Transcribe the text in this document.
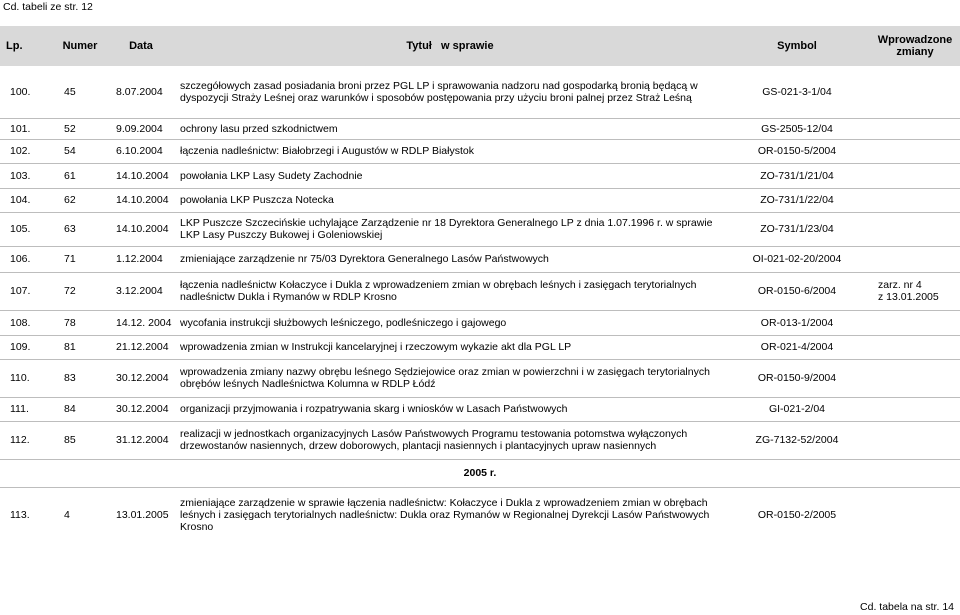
Cd. tabeli ze str. 12
Lp.	Numer	Data	Tytuł   w sprawie	Symbol	Wprowadzone zmiany
100.	45	8.07.2004	szczegółowych zasad posiadania broni przez PGL LP i sprawowania nadzoru nad gospodarką bronią będącą w dyspozycji Straży Leśnej oraz warunków i sposobów postępowania przy użyciu broni palnej przez Straż Leśną	GS-021-3-1/04	
101.	52	9.09.2004	ochrony lasu przed szkodnictwem	GS-2505-12/04	
102.	54	6.10.2004	łączenia nadleśnictw: Białobrzegi i Augustów w RDLP Białystok	OR-0150-5/2004	
103.	61	14.10.2004	powołania LKP Lasy Sudety Zachodnie	ZO-731/1/21/04	
104.	62	14.10.2004	powołania LKP Puszcza Notecka	ZO-731/1/22/04	
105.	63	14.10.2004	LKP Puszcze Szczecińskie uchylające Zarządzenie nr 18 Dyrektora Generalnego LP z dnia 1.07.1996 r. w sprawie LKP Lasy Puszczy Bukowej i Goleniowskiej	ZO-731/1/23/04	
106.	71	1.12.2004	zmieniające zarządzenie nr 75/03 Dyrektora Generalnego Lasów Państwowych	OI-021-02-20/2004	
107.	72	3.12.2004	łączenia nadleśnictw Kołaczyce i Dukla z wprowadzeniem zmian w obrębach leśnych i zasięgach terytorialnych nadleśnictw Dukla i Rymanów w RDLP Krosno	OR-0150-6/2004	zarz. nr 4
z 13.01.2005
108.	78	14.12. 2004	wycofania instrukcji służbowych leśniczego, podleśniczego i gajowego	OR-013-1/2004	
109.	81	21.12.2004	wprowadzenia zmian w Instrukcji kancelaryjnej i rzeczowym wykazie akt dla PGL LP	OR-021-4/2004	
110.	83	30.12.2004	wprowadzenia zmiany nazwy obrębu leśnego Sędziejowice oraz zmian w powierzchni i w zasięgach terytorialnych obrębów leśnych Nadleśnictwa Kolumna w RDLP Łódź	OR-0150-9/2004	
111.	84	30.12.2004	organizacji przyjmowania i rozpatrywania skarg i wniosków w Lasach Państwowych	GI-021-2/04	
112.	85	31.12.2004	realizacji w jednostkach organizacyjnych Lasów Państwowych Programu testowania potomstwa wyłączonych drzewostanów nasiennych, drzew doborowych, plantacji nasiennych i plantacyjnych upraw nasiennych	ZG-7132-52/2004	
2005 r.					
113.	4	13.01.2005	zmieniające zarządzenie w sprawie łączenia nadleśnictw: Kołaczyce i Dukla z wprowadzeniem zmian w obrębach leśnych i zasięgach terytorialnych nadleśnictw: Dukla oraz Rymanów w Regionalnej Dyrekcji Lasów Państwowych Krosno	OR-0150-2/2005	
Cd. tabela na str. 14
